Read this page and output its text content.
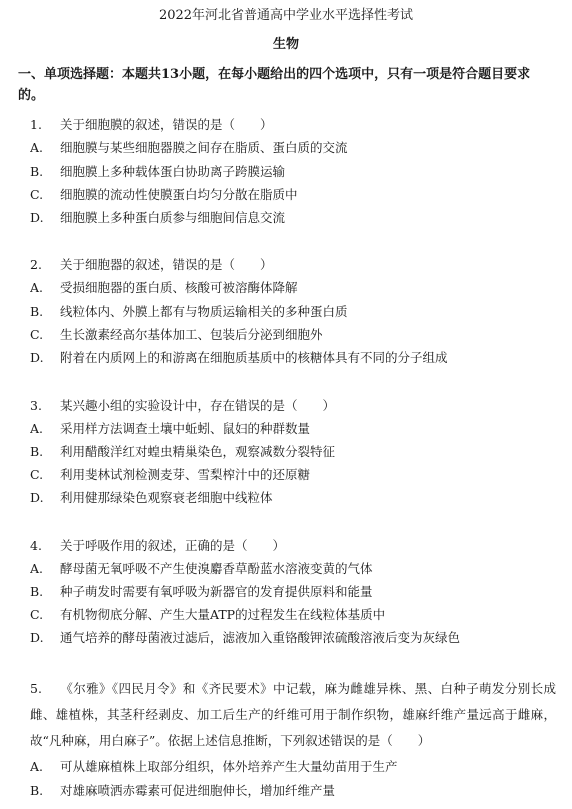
2022年河北省普通高中学业水平选择性考试
生物
一、单项选择题：本题共13小题，在每小题给出的四个选项中，只有一项是符合题目要求的。
1. 关于细胞膜的叙述，错误的是（　　）
A. 细胞膜与某些细胞器膜之间存在脂质、蛋白质的交流
B. 细胞膜上多种载体蛋白协助离子跨膜运输
C. 细胞膜的流动性使膜蛋白均匀分散在脂质中
D. 细胞膜上多种蛋白质参与细胞间信息交流
2. 关于细胞器的叙述，错误的是（　　）
A. 受损细胞器的蛋白质、核酸可被溶酶体降解
B. 线粒体内、外膜上都有与物质运输相关的多种蛋白质
C. 生长激素经高尔基体加工、包装后分泌到细胞外
D. 附着在内质网上的和游离在细胞质基质中的核糖体具有不同的分子组成
3. 某兴趣小组的实验设计中，存在错误的是（　　）
A. 采用样方法调查土壤中蚯蚓、鼠妇的种群数量
B. 利用醋酸洋红对蝗虫精巢染色，观察减数分裂特征
C. 利用斐林试剂检测麦芽、雪梨榨汁中的还原糖
D. 利用健那绿染色观察衰老细胞中线粒体
4. 关于呼吸作用的叙述，正确的是（　　）
A. 酵母菌无氧呼吸不产生使溴麝香草酚蓝水溶液变黄的气体
B. 种子萌发时需要有氧呼吸为新器官的发育提供原料和能量
C. 有机物彻底分解、产生大量ATP的过程发生在线粒体基质中
D. 通气培养的酵母菌液过滤后，滤液加入重铬酸钾浓硫酸溶液后变为灰绿色
5. 《尔雅》《四民月令》和《齐民要术》中记载，麻为雌雄异株、黑、白种子萌发分别长成雌、雄植株，其茎秆经剥皮、加工后生产的纤维可用于制作织物，雄麻纤维产量远高于雌麻，故“凡种麻，用白麻子”。依据上述信息推断，下列叙述错误的是（　　）
A. 可从雄麻植株上取部分组织，体外培养产生大量幼苗用于生产
B. 对雄麻喷洒赤霉素可促进细胞伸长，增加纤维产量
